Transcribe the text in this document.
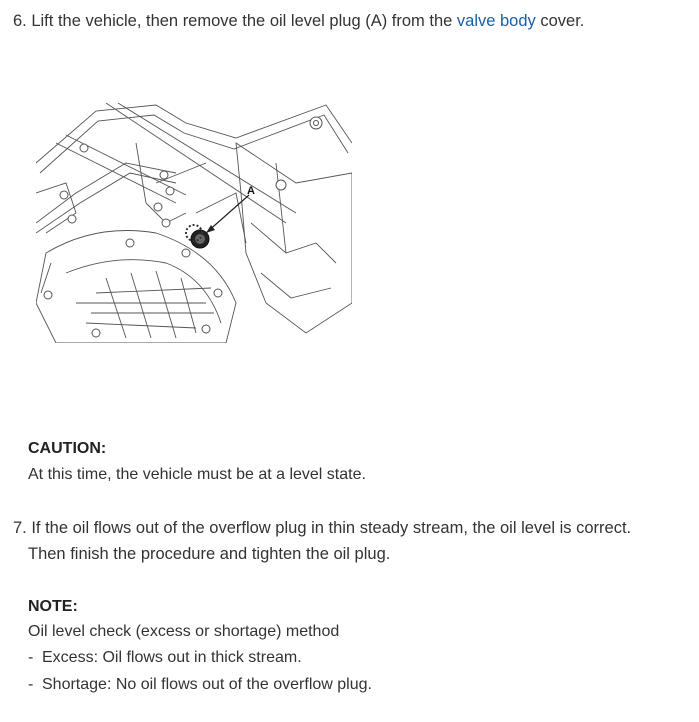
6. Lift the vehicle, then remove the oil level plug (A) from the valve body cover.
A
CAUTION:
At this time, the vehicle must be at a level state.
7. If the oil flows out of the overflow plug in thin steady stream, the oil level is correct.
Then finish the procedure and tighten the oil plug.
NOTE:
Oil level check (excess or shortage) method
- Excess: Oil flows out in thick stream.
- Shortage: No oil flows out of the overflow plug.
